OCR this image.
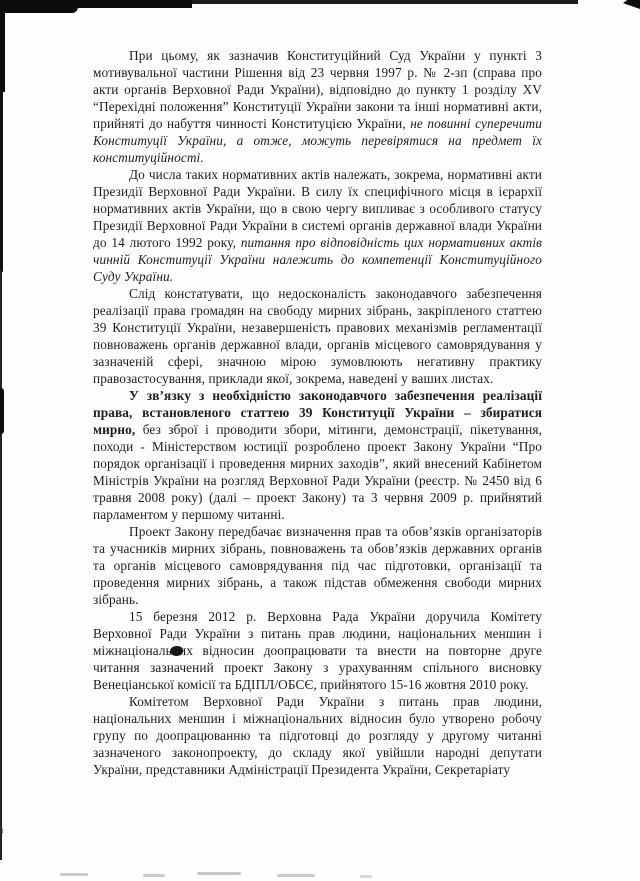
При цьому, як зазначив Конституційний Суд України у пункті 3 мотивувальної частини Рішення від 23 червня 1997 р. № 2-зп (справа про акти органів Верховної Ради України), відповідно до пункту 1 розділу XV “Перехідні положення” Конституції України закони та інші нормативні акти, прийняті до набуття чинності Конституцією України, не повинні суперечити Конституції України, а отже, можуть перевірятися на предмет їх конституційності.

До числа таких нормативних актів належать, зокрема, нормативні акти Президії Верховної Ради України. В силу їх специфічного місця в ієрархії нормативних актів України, що в свою чергу випливає з особливого статусу Президії Верховної Ради України в системі органів державної влади України до 14 лютого 1992 року, питання про відповідність цих нормативних актів чинній Конституції України належить до компетенції Конституційного Суду України.

Слід констатувати, що недосконалість законодавчого забезпечення реалізації права громадян на свободу мирних зібрань, закріпленого статтею 39 Конституції України, незавершеність правових механізмів регламентації повноважень органів державної влади, органів місцевого самоврядування у зазначеній сфері, значною мірою зумовлюють негативну практику правозастосування, приклади якої, зокрема, наведені у ваших листах.

У зв’язку з необхідністю законодавчого забезпечення реалізації права, встановленого статтею 39 Конституції України – збиратися мирно, без зброї і проводити збори, мітинги, демонстрації, пікетування, походи - Міністерством юстиції розроблено проект Закону України “Про порядок організації і проведення мирних заходів”, який внесений Кабінетом Міністрів України на розгляд Верховної Ради України (реєстр. № 2450 від 6 травня 2008 року) (далі – проект Закону) та 3 червня 2009 р. прийнятий парламентом у першому читанні.

Проект Закону передбачає визначення прав та обов’язків організаторів та учасників мирних зібрань, повноважень та обов’язків державних органів та органів місцевого самоврядування під час підготовки, організації та проведення мирних зібрань, а також підстав обмеження свободи мирних зібрань.

15 березня 2012 р. Верховна Рада України доручила Комітету Верховної Ради України з питань прав людини, національних меншин і міжнаціональних відносин доопрацювати та внести на повторне друге читання зазначений проект Закону з урахуванням спільного висновку Венеціанської комісії та БДІПЛ/ОБСЄ, прийнятого 15-16 жовтня 2010 року.

Комітетом Верховної Ради України з питань прав людини, національних меншин і міжнаціональних відносин було утворено робочу групу по доопрацюванню та підготовці до розгляду у другому читанні зазначеного законопроекту, до складу якої увійшли народні депутати України, представники Адміністрації Президента України, Секретаріату
